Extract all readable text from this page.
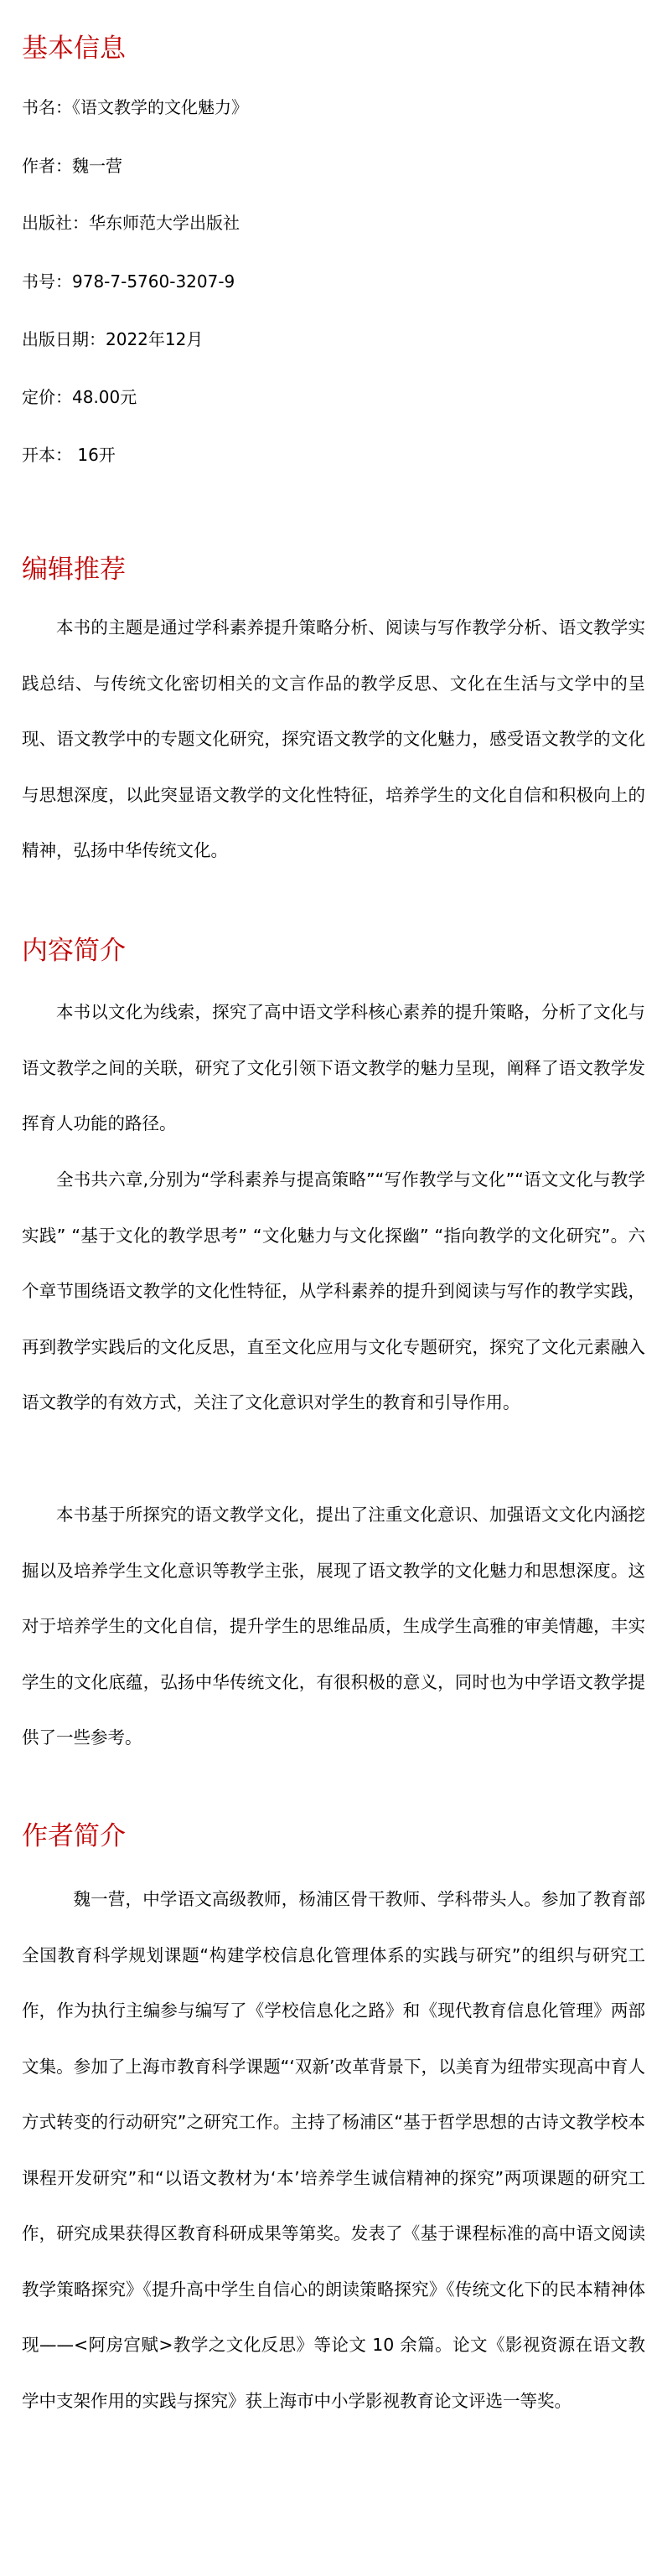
基本信息
书名：《语文教学的文化魅力》
作者：魏一营
出版社：华东师范大学出版社
书号：978-7-5760-3207-9
出版日期：2022年12月
定价：48.00元
开本： 16开
编辑推荐

本书的主题是通过学科素养提升策略分析、阅读与写作教学分析、语文教学实践总结、与传统文化密切相关的文言作品的教学反思、文化在生活与文学中的呈现、语文教学中的专题文化研究，探究语文教学的文化魅力，感受语文教学的文化与思想深度，以此突显语文教学的文化性特征，培养学生的文化自信和积极向上的精神，弘扬中华传统文化。

内容简介

本书以文化为线索，探究了高中语文学科核心素养的提升策略，分析了文化与语文教学之间的关联，研究了文化引领下语文教学的魅力呈现，阐释了语文教学发挥育人功能的路径。

全书共六章,分别为“学科素养与提高策略”“写作教学与文化”“语文文化与教学实践” “基于文化的教学思考” “文化魅力与文化探幽” “指向教学的文化研究”。六个章节围绕语文教学的文化性特征，从学科素养的提升到阅读与写作的教学实践，再到教学实践后的文化反思，直至文化应用与文化专题研究，探究了文化元素融入语文教学的有效方式，关注了文化意识对学生的教育和引导作用。

本书基于所探究的语文教学文化，提出了注重文化意识、加强语文文化内涵挖掘以及培养学生文化意识等教学主张，展现了语文教学的文化魅力和思想深度。这对于培养学生的文化自信，提升学生的思维品质，生成学生高雅的审美情趣，丰实学生的文化底蕴，弘扬中华传统文化，有很积极的意义，同时也为中学语文教学提供了一些参考。

作者简介

魏一营，中学语文高级教师，杨浦区骨干教师、学科带头人。参加了教育部全国教育科学规划课题“构建学校信息化管理体系的实践与研究”的组织与研究工作，作为执行主编参与编写了《学校信息化之路》和《现代教育信息化管理》两部文集。参加了上海市教育科学课题“‘双新’改革背景下，以美育为纽带实现高中育人方式转变的行动研究”之研究工作。主持了杨浦区“基于哲学思想的古诗文教学校本课程开发研究”和“以语文教材为‘本’培养学生诚信精神的探究”两项课题的研究工作，研究成果获得区教育科研成果等第奖。发表了《基于课程标准的高中语文阅读教学策略探究》《提升高中学生自信心的朗读策略探究》《传统文化下的民本精神体现——<阿房宫赋>教学之文化反思》等论文 10 余篇。论文《影视资源在语文教学中支架作用的实践与探究》获上海市中小学影视教育论文评选一等奖。
